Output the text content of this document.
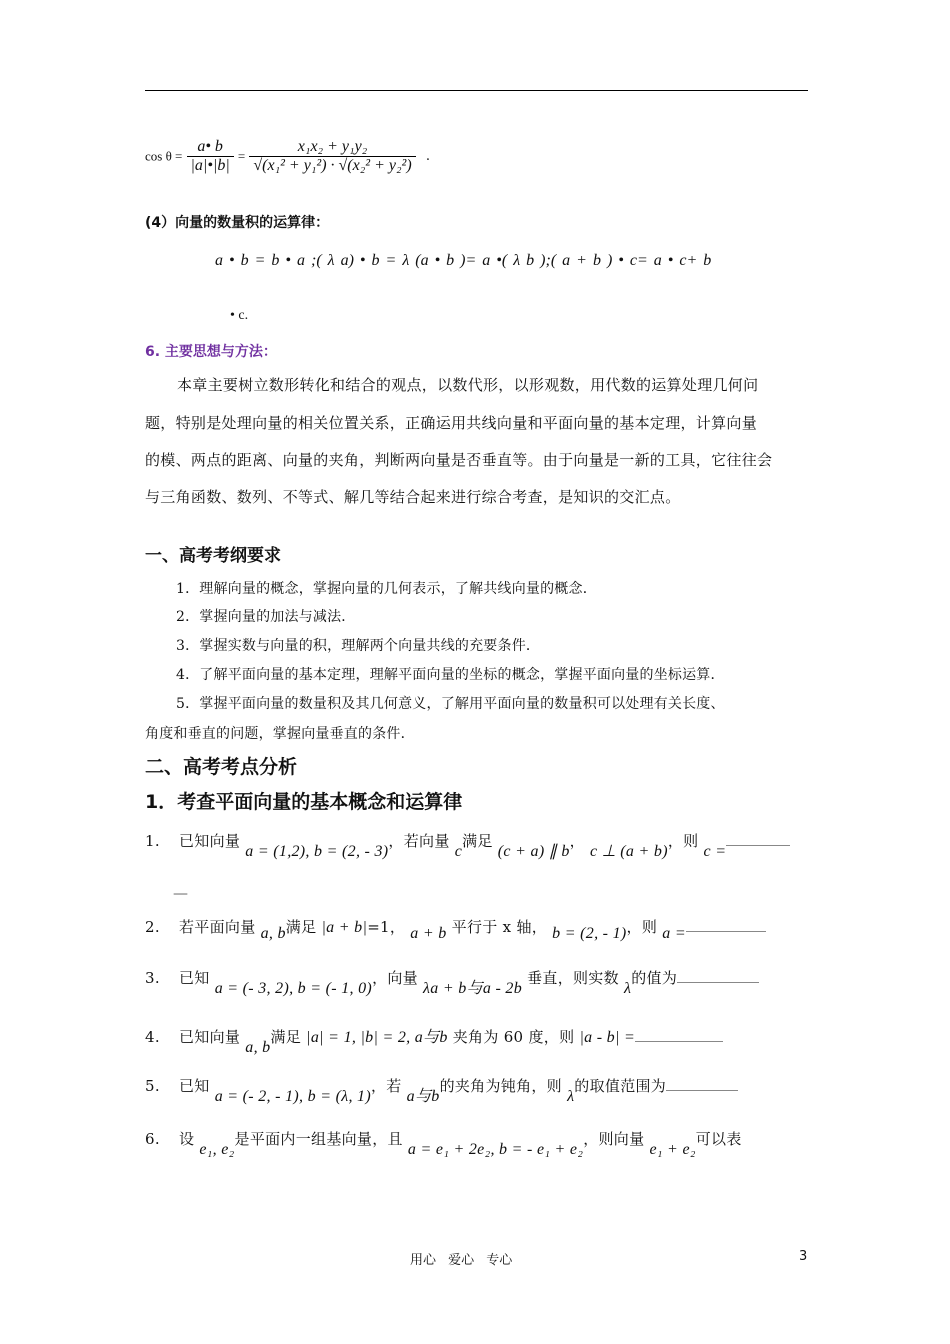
$\cos \theta = \frac{a• b}{|a|•|b|} = \frac{\text{x₁x₂ + y₁y₂}}{\text{√(x₁² + y₁²) · √(x₂² + y₂²)}}$ .
(4）向量的数量积的运算律：
a • b = b • a ;( λ a) • b = λ (a • b )= a •( λ b );( a + b ) • c= a • c+ b
• c.
6. 主要思想与方法：
本章主要树立数形转化和结合的观点，以数代形，以形观数，用代数的运算处理几何问
题，特别是处理向量的相关位置关系，正确运用共线向量和平面向量的基本定理，计算向量
的模、两点的距离、向量的夹角，判断两向量是否垂直等。由于向量是一新的工具，它往往会
与三角函数、数列、不等式、解几等结合起来进行综合考查，是知识的交汇点。
一、高考考纲要求
1．理解向量的概念，掌握向量的几何表示，了解共线向量的概念．
2．掌握向量的加法与减法．
3．掌握实数与向量的积，理解两个向量共线的充要条件．
4．了解平面向量的基本定理，理解平面向量的坐标的概念，掌握平面向量的坐标运算．
5．掌握平面向量的数量积及其几何意义，了解用平面向量的数量积可以处理有关长度、
角度和垂直的问题，掌握向量垂直的条件．
二、高考考点分析
1．考查平面向量的基本概念和运算律
1. 已知向量 a = (1,2), b = (2, - 3)，若向量 c满足 (c + a) ∥ b， c ⊥ (a + b)，则 c =
—
2. 若平面向量 a, b满足 |a + b|=1， a + b 平行于 x 轴， b = (2, - 1)，则 a =
3. 已知 a = (- 3, 2), b = (- 1, 0)，向量 λa + b与a - 2b 垂直，则实数 λ的值为
4. 已知向量 a, b满足 |a| = 1, |b| = 2, a与b 夹角为 60 度，则 |a - b| =
5. 已知 a = (- 2, - 1), b = (λ, 1)，若 a与b的夹角为钝角，则 λ的取值范围为
6. 设 e₁, e₂是平面内一组基向量，且 a = e₁ + 2e₂, b = - e₁ + e₂，则向量 e₁ + e₂可以表
用心 爱心 专心	3
